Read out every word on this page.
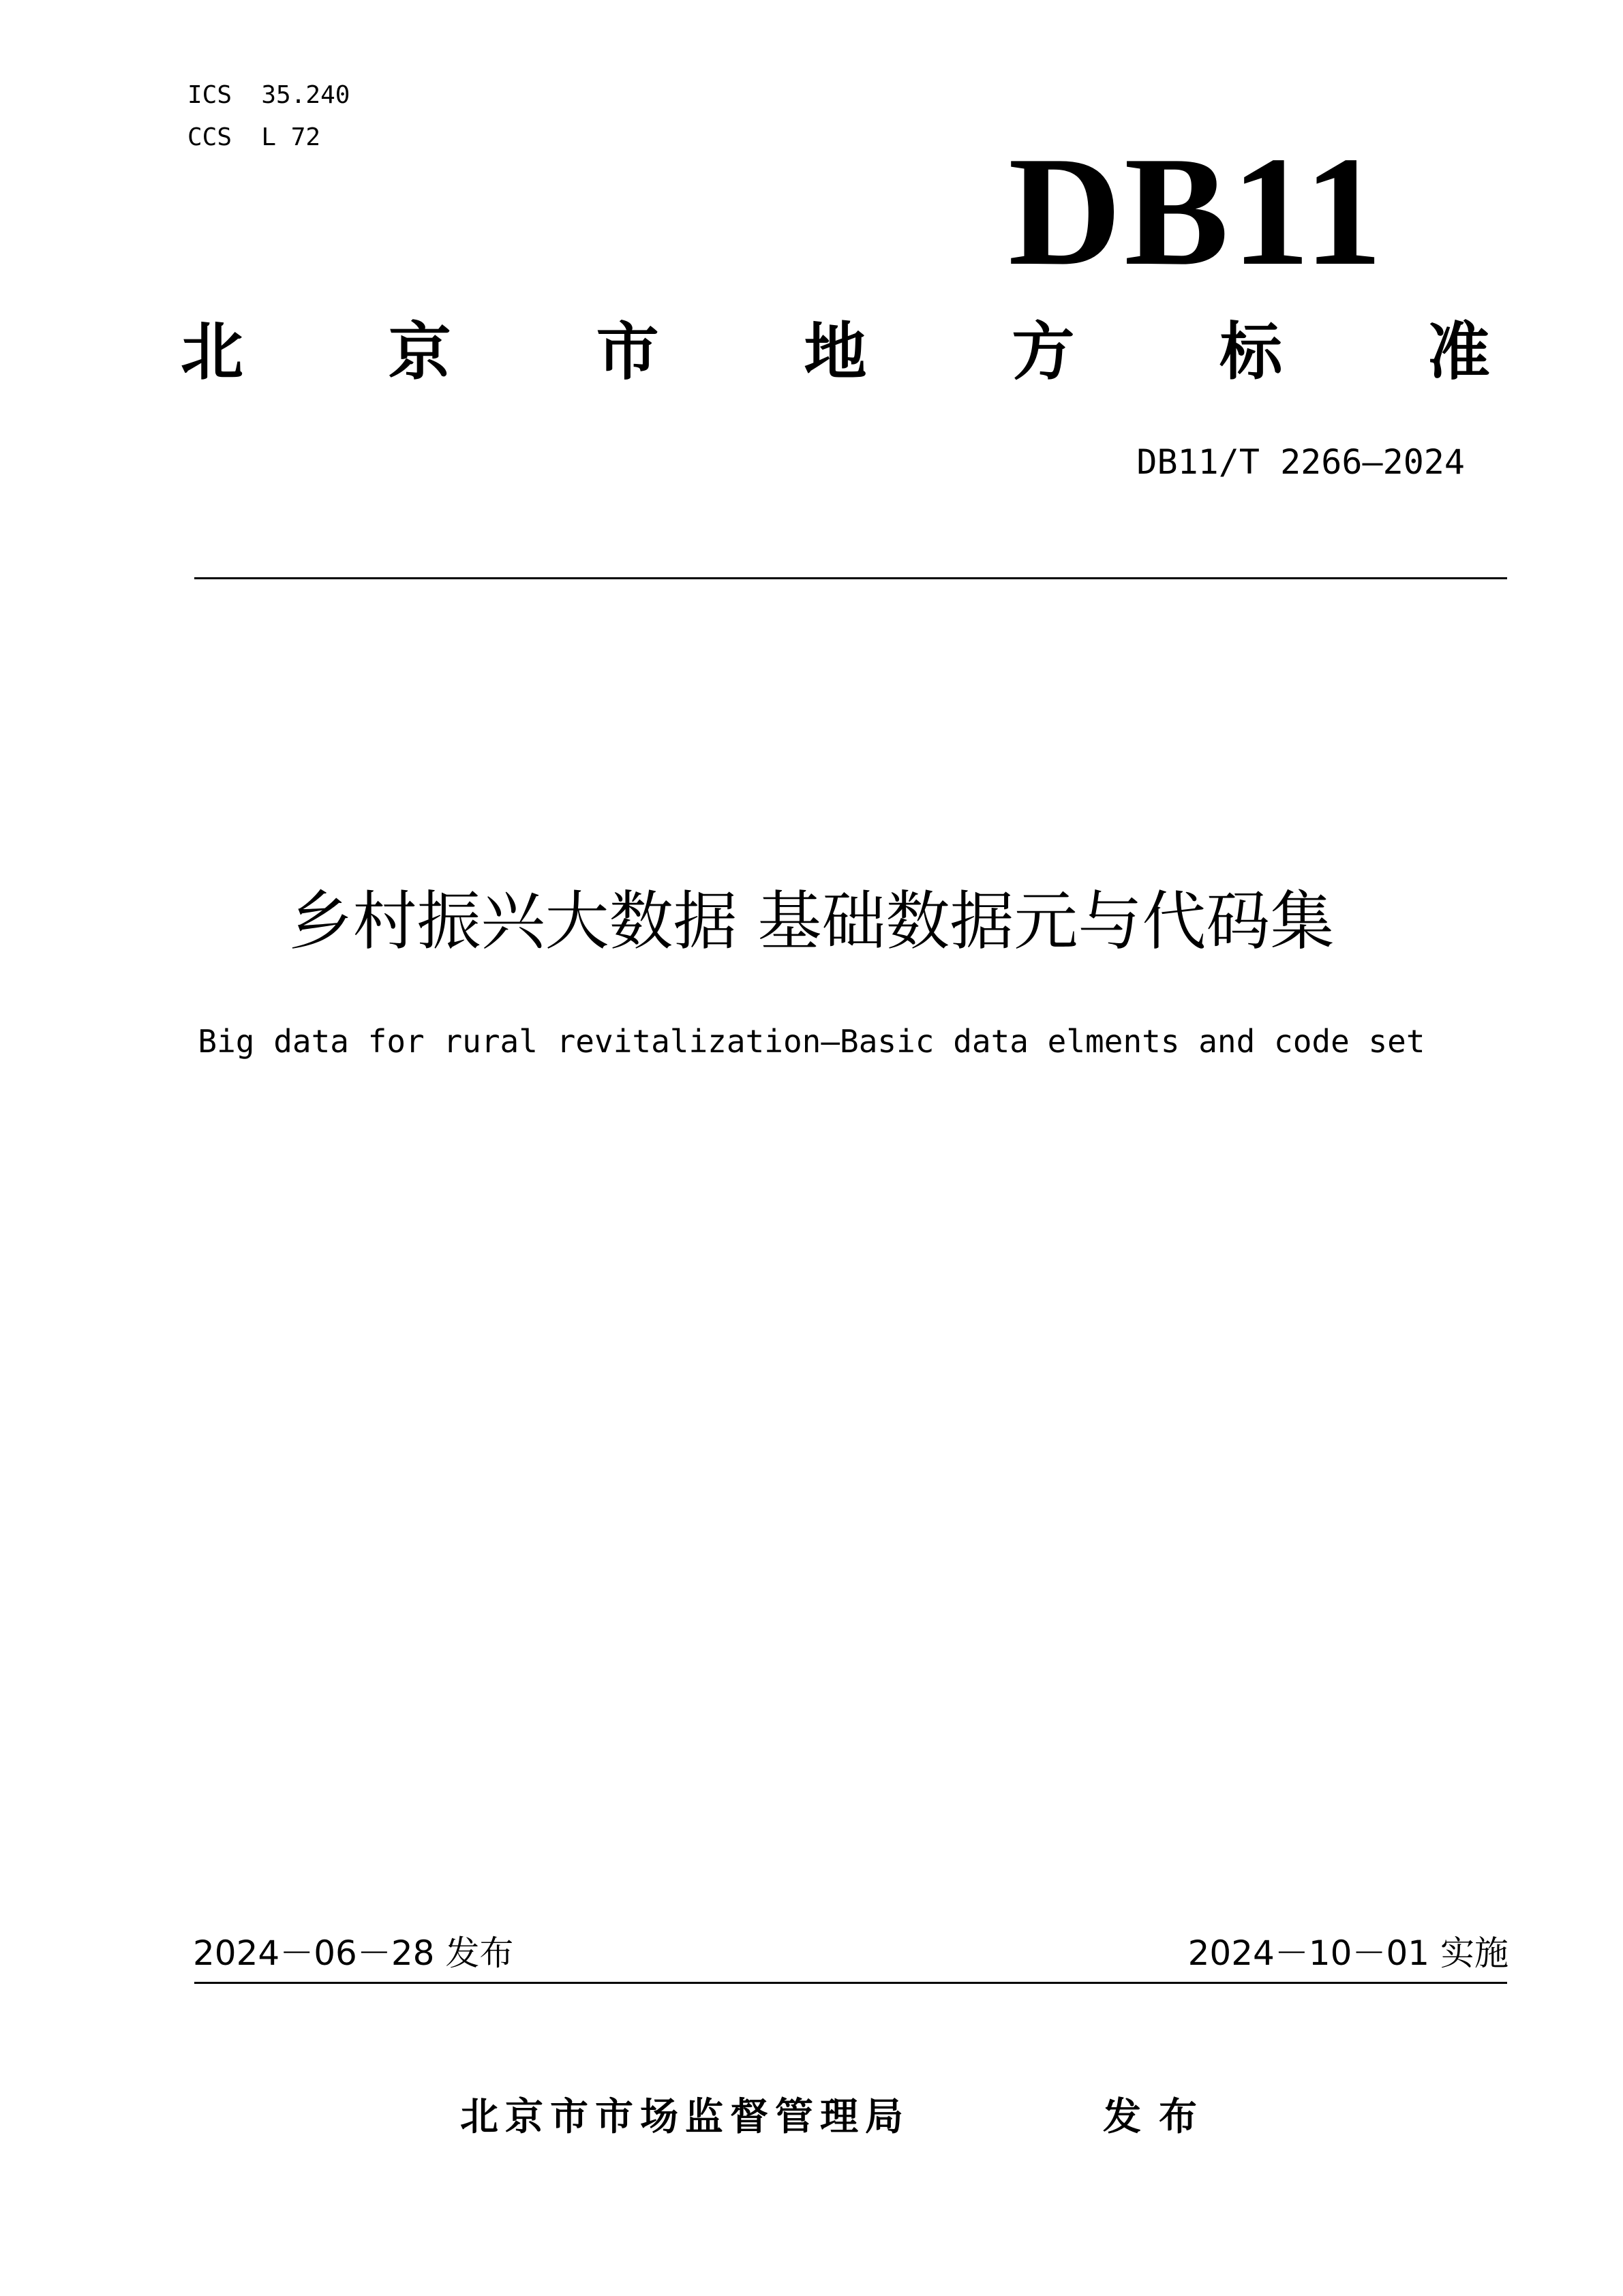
ICS  35.240
CCS  L 72	DB11
北 京 市 地 方 标 准
DB11/T 2266—2024
乡村振兴大数据 基础数据元与代码集
Big data for rural revitalization—Basic data elments and code set
2024－06－28 发布	2024－10－01 实施
北京市市场监督管理局	发布
